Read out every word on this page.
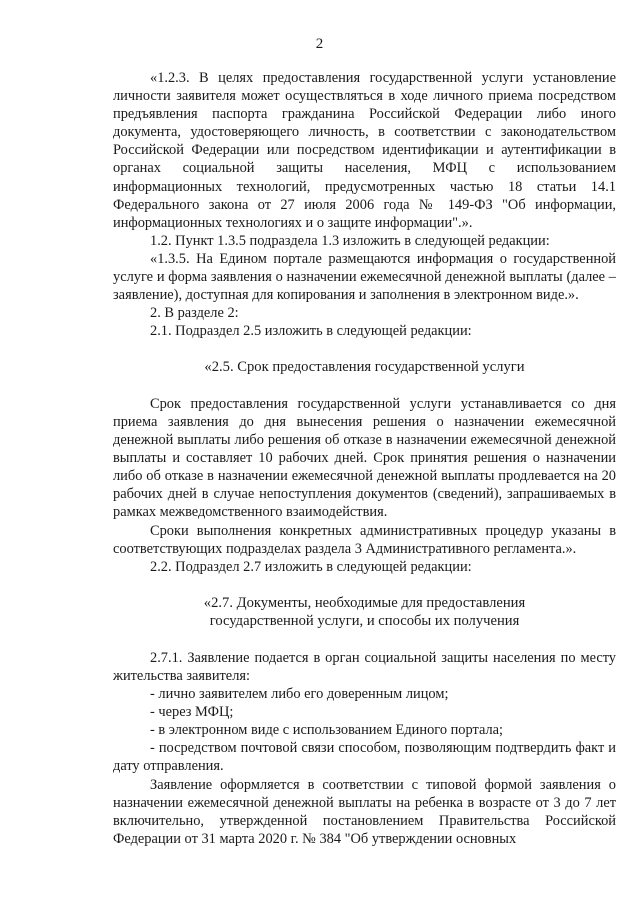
2

«1.2.3. В целях предоставления государственной услуги установление личности заявителя может осуществляться в ходе личного приема посредством предъявления паспорта гражданина Российской Федерации либо иного документа, удостоверяющего личность, в соответствии с законодательством Российской Федерации или посредством идентификации и аутентификации в органах социальной защиты населения, МФЦ с использованием информационных технологий, предусмотренных частью 18 статьи 14.1 Федерального закона от 27 июля 2006 года № 149-ФЗ "Об информации, информационных технологиях и о защите информации".».

1.2. Пункт 1.3.5 подраздела 1.3 изложить в следующей редакции:

«1.3.5. На Едином портале размещаются информация о государственной услуге и форма заявления о назначении ежемесячной денежной выплаты (далее – заявление), доступная для копирования и заполнения в электронном виде.».

2. В разделе 2:

2.1. Подраздел 2.5 изложить в следующей редакции:

«2.5. Срок предоставления государственной услуги

Срок предоставления государственной услуги устанавливается со дня приема заявления до дня вынесения решения о назначении ежемесячной денежной выплаты либо решения об отказе в назначении ежемесячной денежной выплаты и составляет 10 рабочих дней. Срок принятия решения о назначении либо об отказе в назначении ежемесячной денежной выплаты продлевается на 20 рабочих дней в случае непоступления документов (сведений), запрашиваемых в рамках межведомственного взаимодействия.

Сроки выполнения конкретных административных процедур указаны в соответствующих подразделах раздела 3 Административного регламента.».

2.2. Подраздел 2.7 изложить в следующей редакции:

«2.7. Документы, необходимые для предоставления

государственной услуги, и способы их получения

2.7.1. Заявление подается в орган социальной защиты населения по месту жительства заявителя:

- лично заявителем либо его доверенным лицом;

- через МФЦ;

- в электронном виде с использованием Единого портала;

- посредством почтовой связи способом, позволяющим подтвердить факт и дату отправления.

Заявление оформляется в соответствии с типовой формой заявления о назначении ежемесячной денежной выплаты на ребенка в возрасте от 3 до 7 лет включительно, утвержденной постановлением Правительства Российской Федерации от 31 марта 2020 г. № 384 "Об утверждении основных
